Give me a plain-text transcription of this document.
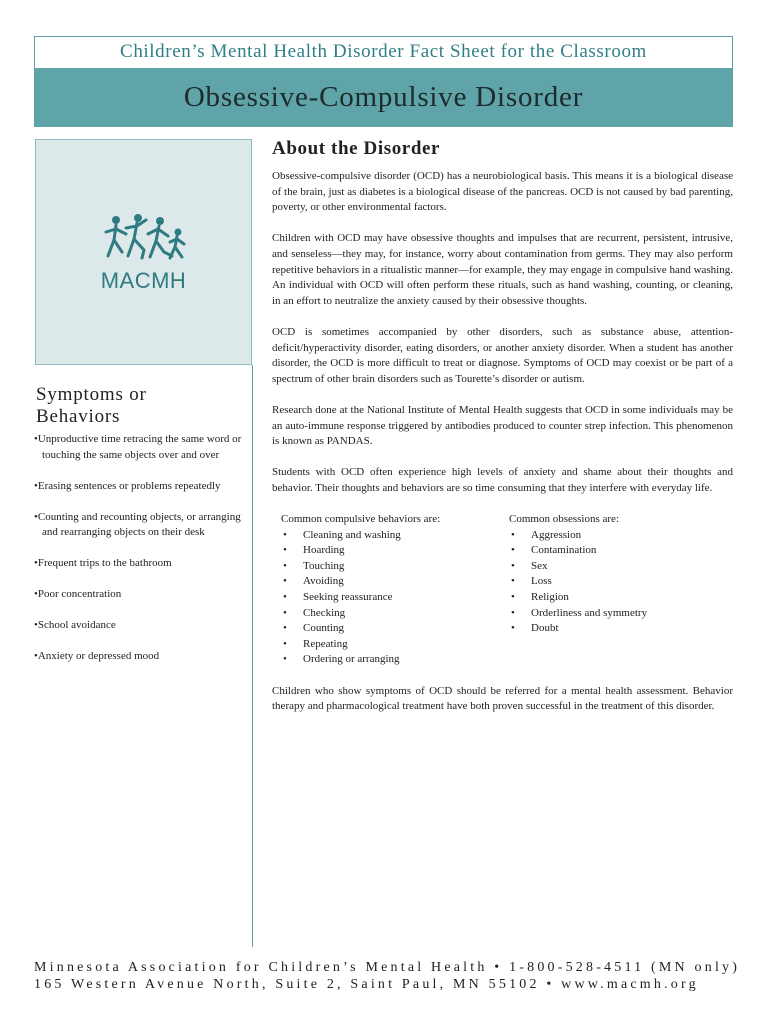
Children’s Mental Health Disorder Fact Sheet for the Classroom
Obsessive-Compulsive Disorder
MACMH
Symptoms or Behaviors
• Unproductive time retracing the same word or touching the same objects over and over
• Erasing sentences or problems repeatedly
• Counting and recounting objects, or arranging and rearranging objects on their desk
• Frequent trips to the bathroom
• Poor concentration
• School avoidance
• Anxiety or depressed mood
About the Disorder

Obsessive-compulsive disorder (OCD) has a neurobiological basis. This means it is a biological disease of the brain, just as diabetes is a biological disease of the pancreas. OCD is not caused by bad parenting, poverty, or other environmental factors.

Children with OCD may have obsessive thoughts and impulses that are recurrent, persistent, intrusive, and senseless—they may, for instance, worry about contamination from germs. They may also perform repetitive behaviors in a ritualistic manner—for example, they may engage in compulsive hand washing. An individual with OCD will often perform these rituals, such as hand washing, counting, or cleaning, in an effort to neutralize the anxiety caused by their obsessive thoughts.

OCD is sometimes accompanied by other disorders, such as substance abuse, attention-deficit/hyperactivity disorder, eating disorders, or another anxiety disorder. When a student has another disorder, the OCD is more difficult to treat or diagnose. Symptoms of OCD may coexist or be part of a spectrum of other brain disorders such as Tourette’s disorder or autism.

Research done at the National Institute of Mental Health suggests that OCD in some individuals may be an auto-immune response triggered by antibodies produced to counter strep infection. This phenomenon is known as PANDAS.

Students with OCD often experience high levels of anxiety and shame about their thoughts and behavior. Their thoughts and behaviors are so time consuming that they interfere with everyday life.

Common compulsive behaviors are:
• Cleaning and washing
• Hoarding
• Touching
• Avoiding
• Seeking reassurance
• Checking
• Counting
• Repeating
• Ordering or arranging
Common obsessions are:
• Aggression
• Contamination
• Sex
• Loss
• Religion
• Orderliness and symmetry
• Doubt

Children who show symptoms of OCD should be referred for a mental health assessment. Behavior therapy and pharmacological treatment have both proven successful in the treatment of this disorder.

Minnesota Association for Children’s Mental Health • 1-800-528-4511 (MN only)
165 Western Avenue North, Suite 2, Saint Paul, MN 55102 • www.macmh.org
